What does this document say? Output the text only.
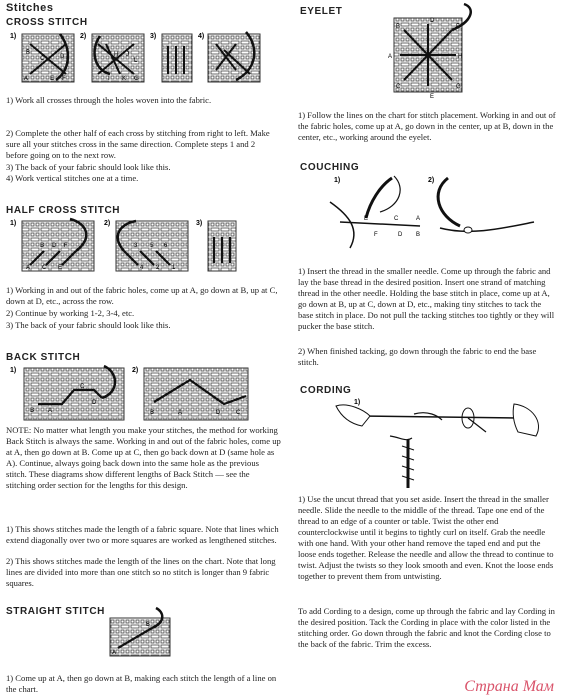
Stitches
CROSS STITCH
1)
B
C
A	E
D
F
2)
H J
L
I K G
3)	4)
1) Work all crosses through the holes woven into the fabric.
2) Complete the other half of each cross by stitching from right to left. Make sure all your stitches cross in the same direction. Complete steps 1 and 2 before going on to the next row.
3) The back of your fabric should look like this.
4) Work vertical stitches one at a time.
HALF CROSS STITCH
1)
B D F
A C E
2)
3 5 6
4 2 1
3)
1) Working in and out of the fabric holes, come up at A, go down at B, up at C, down at D, etc., across the row.
2) Continue by working 1-2, 3-4, etc.
3) The back of your fabric should look like this.
BACK STITCH
1)
B A
C
D
2)
B	A	D	C
NOTE: No matter what length you make your stitches, the method for working Back Stitch is always the same. Working in and out of the fabric holes, come up at A, then go down at B. Come up at C, then go back down at D (same hole as A). Continue, always going back down into the same hole as the previous stitch. These diagrams show different lengths of Back Stitch — see the stitching order section for the lengths for this design.
1) This shows stitches made the length of a fabric square. Note that lines which extend diagonally over two or more squares are worked as lengthened stitches.
2) This shows stitches made the length of the lines on the chart. Note that long lines are divided into more than one stitch so no stitch is longer than 9 fabric squares.
STRAIGHT STITCH
B
A
1) Come up at A, then go down at B, making each stitch the length of a line on the chart.
EYELET
B
D
F
H
A
C
E
G
1) Follow the lines on the chart for stitch placement. Working in and out of the fabric holes, come up at A, go down in the center, up at B, down in the center, etc., working around the eyelet.
COUCHING
1)
E	C	A
F	D B
2)
1) Insert the thread in the smaller needle. Come up through the fabric and lay the base thread in the desired position. Insert one strand of matching thread in the other needle. Holding the base stitch in place, come up at A, go down at B, up at C, down at D, etc., making tiny stitches to tack the base stitch in place. Do not pull the tacking stitches too tightly or they will pucker the base stitch.
2) When finished tacking, go down through the fabric to end the base stitch.
CORDING
1)
1) Use the uncut thread that you set aside. Insert the thread in the smaller needle. Slide the needle to the middle of the thread. Tape one end of the thread to an edge of a counter or table. Twist the other end counterclockwise until it begins to tightly curl on itself. Grab the needle with one hand. With your other hand remove the taped end and put the loose ends together. Release the needle and allow the thread to continue to twist. Adjust the twists so they look smooth and even. Knot the loose ends together to prevent them from untwisting.
To add Cording to a design, come up through the fabric and lay Cording in the desired position. Tack the Cording in place with the color listed in the stitching order. Go down through the fabric and knot the Cording close to the back of the fabric. Trim the excess.
Страна Мам
